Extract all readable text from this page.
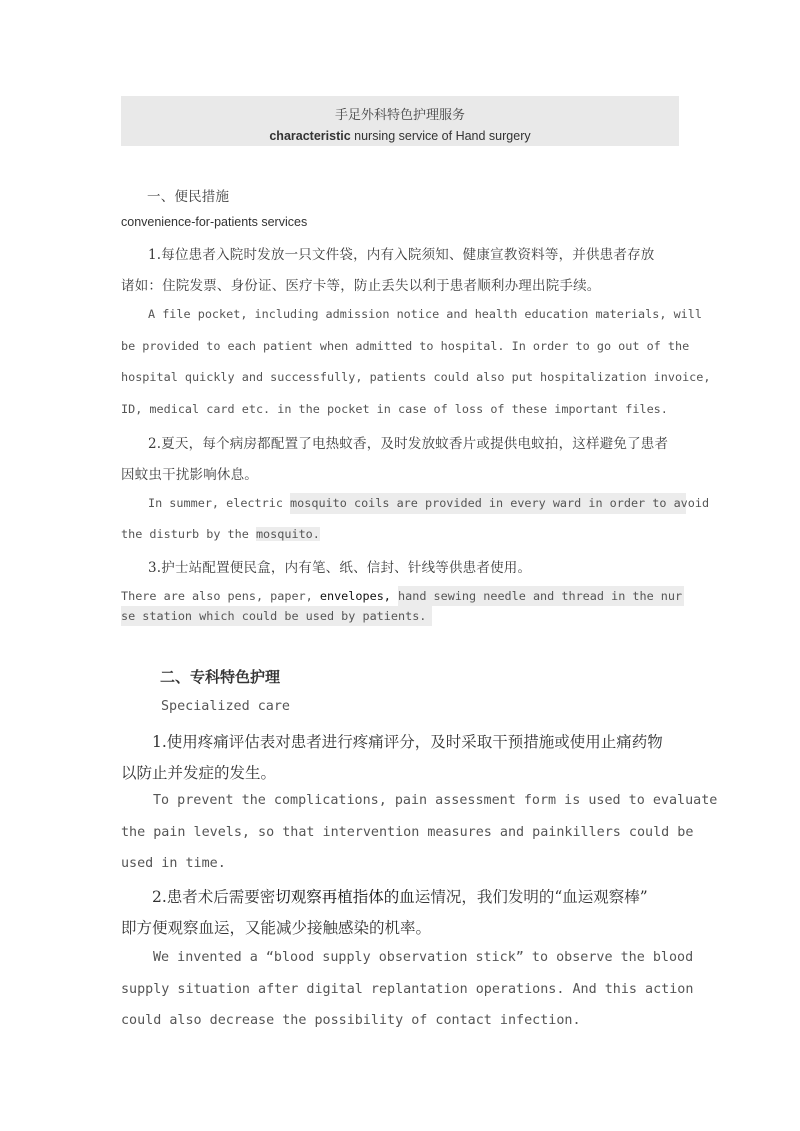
手足外科特色护理服务
characteristic nursing service of Hand surgery
一、便民措施
convenience-for-patients services
1.每位患者入院时发放一只文件袋，内有入院须知、健康宣教资料等，并供患者存放
诸如：住院发票、身份证、医疗卡等，防止丢失以利于患者顺利办理出院手续。
A file pocket, including admission notice and health education materials, will
be provided to each patient when admitted to hospital. In order to go out of the
hospital quickly and successfully, patients could also put hospitalization invoice,
ID, medical card etc. in the pocket in case of loss of these important files.
2.夏天，每个病房都配置了电热蚊香，及时发放蚊香片或提供电蚊拍，这样避免了患者
因蚊虫干扰影响休息。
In summer, electric mosquito coils are provided in every ward in order to avoid
the disturb by the mosquito.
3.护士站配置便民盒，内有笔、纸、信封、针线等供患者使用。
There are also pens, paper, envelopes, hand sewing needle and thread in the nur
se station which could be used by patients.
二、专科特色护理
Specialized care
1.使用疼痛评估表对患者进行疼痛评分，及时采取干预措施或使用止痛药物
以防止并发症的发生。
To prevent the complications, pain assessment form is used to evaluate
the pain levels, so that intervention measures and painkillers could be
used in time.
2.患者术后需要密切观察再植指体的血运情况，我们发明的“血运观察棒”
即方便观察血运，又能减少接触感染的机率。
We invented a “blood supply observation stick” to observe the blood
supply situation after digital replantation operations. And this action
could also decrease the possibility of contact infection.
